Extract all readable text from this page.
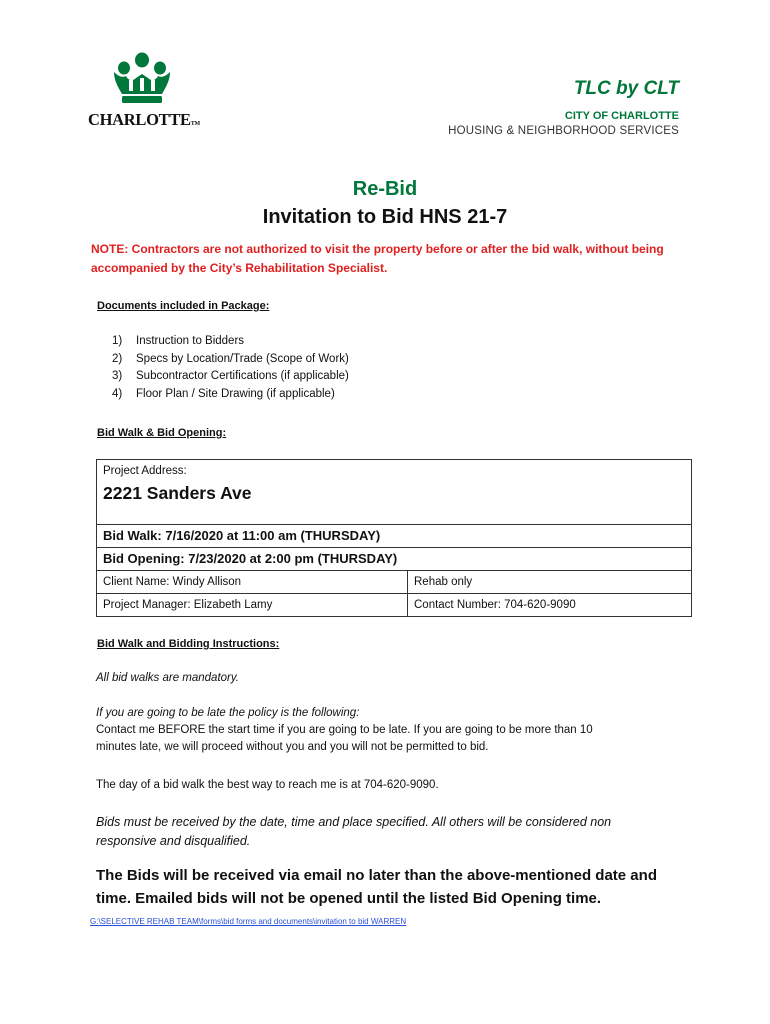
CHARLOTTETM
TLC by CLT
CITY OF CHARLOTTE
HOUSING & NEIGHBORHOOD SERVICES
Re-Bid
Invitation to Bid HNS 21-7
NOTE: Contractors are not authorized to visit the property before or after the bid walk, without being accompanied by the City’s Rehabilitation Specialist.
Documents included in Package:
1) Instruction to Bidders
2) Specs by Location/Trade (Scope of Work)
3) Subcontractor Certifications (if applicable)
4) Floor Plan / Site Drawing (if applicable)
Bid Walk & Bid Opening:
Project Address:
2221 Sanders Ave	

Bid Walk: 7/16/2020 at 11:00 am (THURSDAY)	
Bid Opening: 7/23/2020 at 2:00 pm (THURSDAY)	
Client Name: Windy Allison	Rehab only
Project Manager: Elizabeth Lamy	Contact Number: 704-620-9090
Bid Walk and Bidding Instructions:
All bid walks are mandatory.
If you are going to be late the policy is the following:
Contact me BEFORE the start time if you are going to be late. If you are going to be more than 10
minutes late, we will proceed without you and you will not be permitted to bid.
The day of a bid walk the best way to reach me is at 704-620-9090.
Bids must be received by the date, time and place specified. All others will be considered non
responsive and disqualified.
The Bids will be received via email no later than the above-mentioned date and
time. Emailed bids will not be opened until the listed Bid Opening time.
G:\SELECTIVE REHAB TEAM\forms\bid forms and documents\invitation to bid WARREN
